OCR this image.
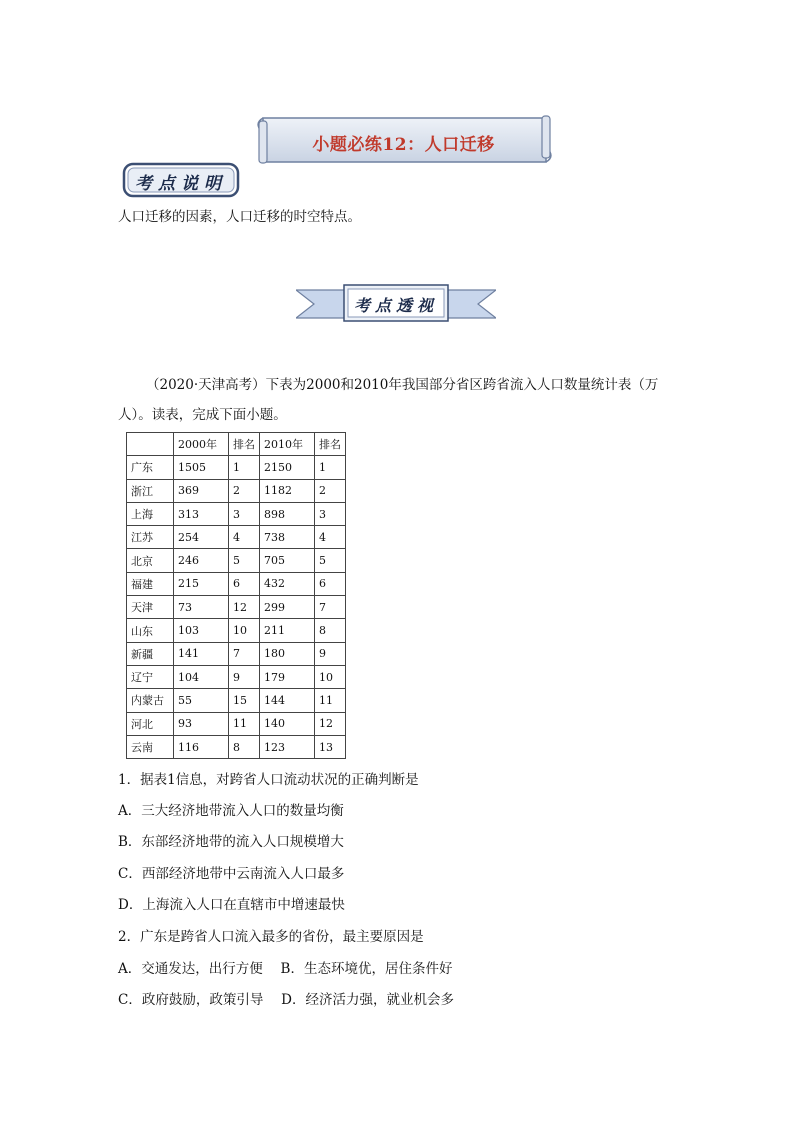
小题必练12：人口迁移
考点说明
人口迁移的因素，人口迁移的时空特点。
考点透视
（2020·天津高考）下表为2000和2010年我国部分省区跨省流入人口数量统计表（万
人）。读表，完成下面小题。
	2000年	排名	2010年	排名
广东	1505	1	2150	1
浙江	369	2	1182	2
上海	313	3	898	3
江苏	254	4	738	4
北京	246	5	705	5
福建	215	6	432	6
天津	73	12	299	7
山东	103	10	211	8
新疆	141	7	180	9
辽宁	104	9	179	10
内蒙古	55	15	144	11
河北	93	11	140	12
云南	116	8	123	13
1．据表1信息，对跨省人口流动状况的正确判断是
A．三大经济地带流入人口的数量均衡
B．东部经济地带的流入人口规模增大
C．西部经济地带中云南流入人口最多
D．上海流入人口在直辖市中增速最快
2．广东是跨省人口流入最多的省份，最主要原因是
A．交通发达，出行方便　 B．生态环境优，居住条件好
C．政府鼓励，政策引导　 D．经济活力强，就业机会多
